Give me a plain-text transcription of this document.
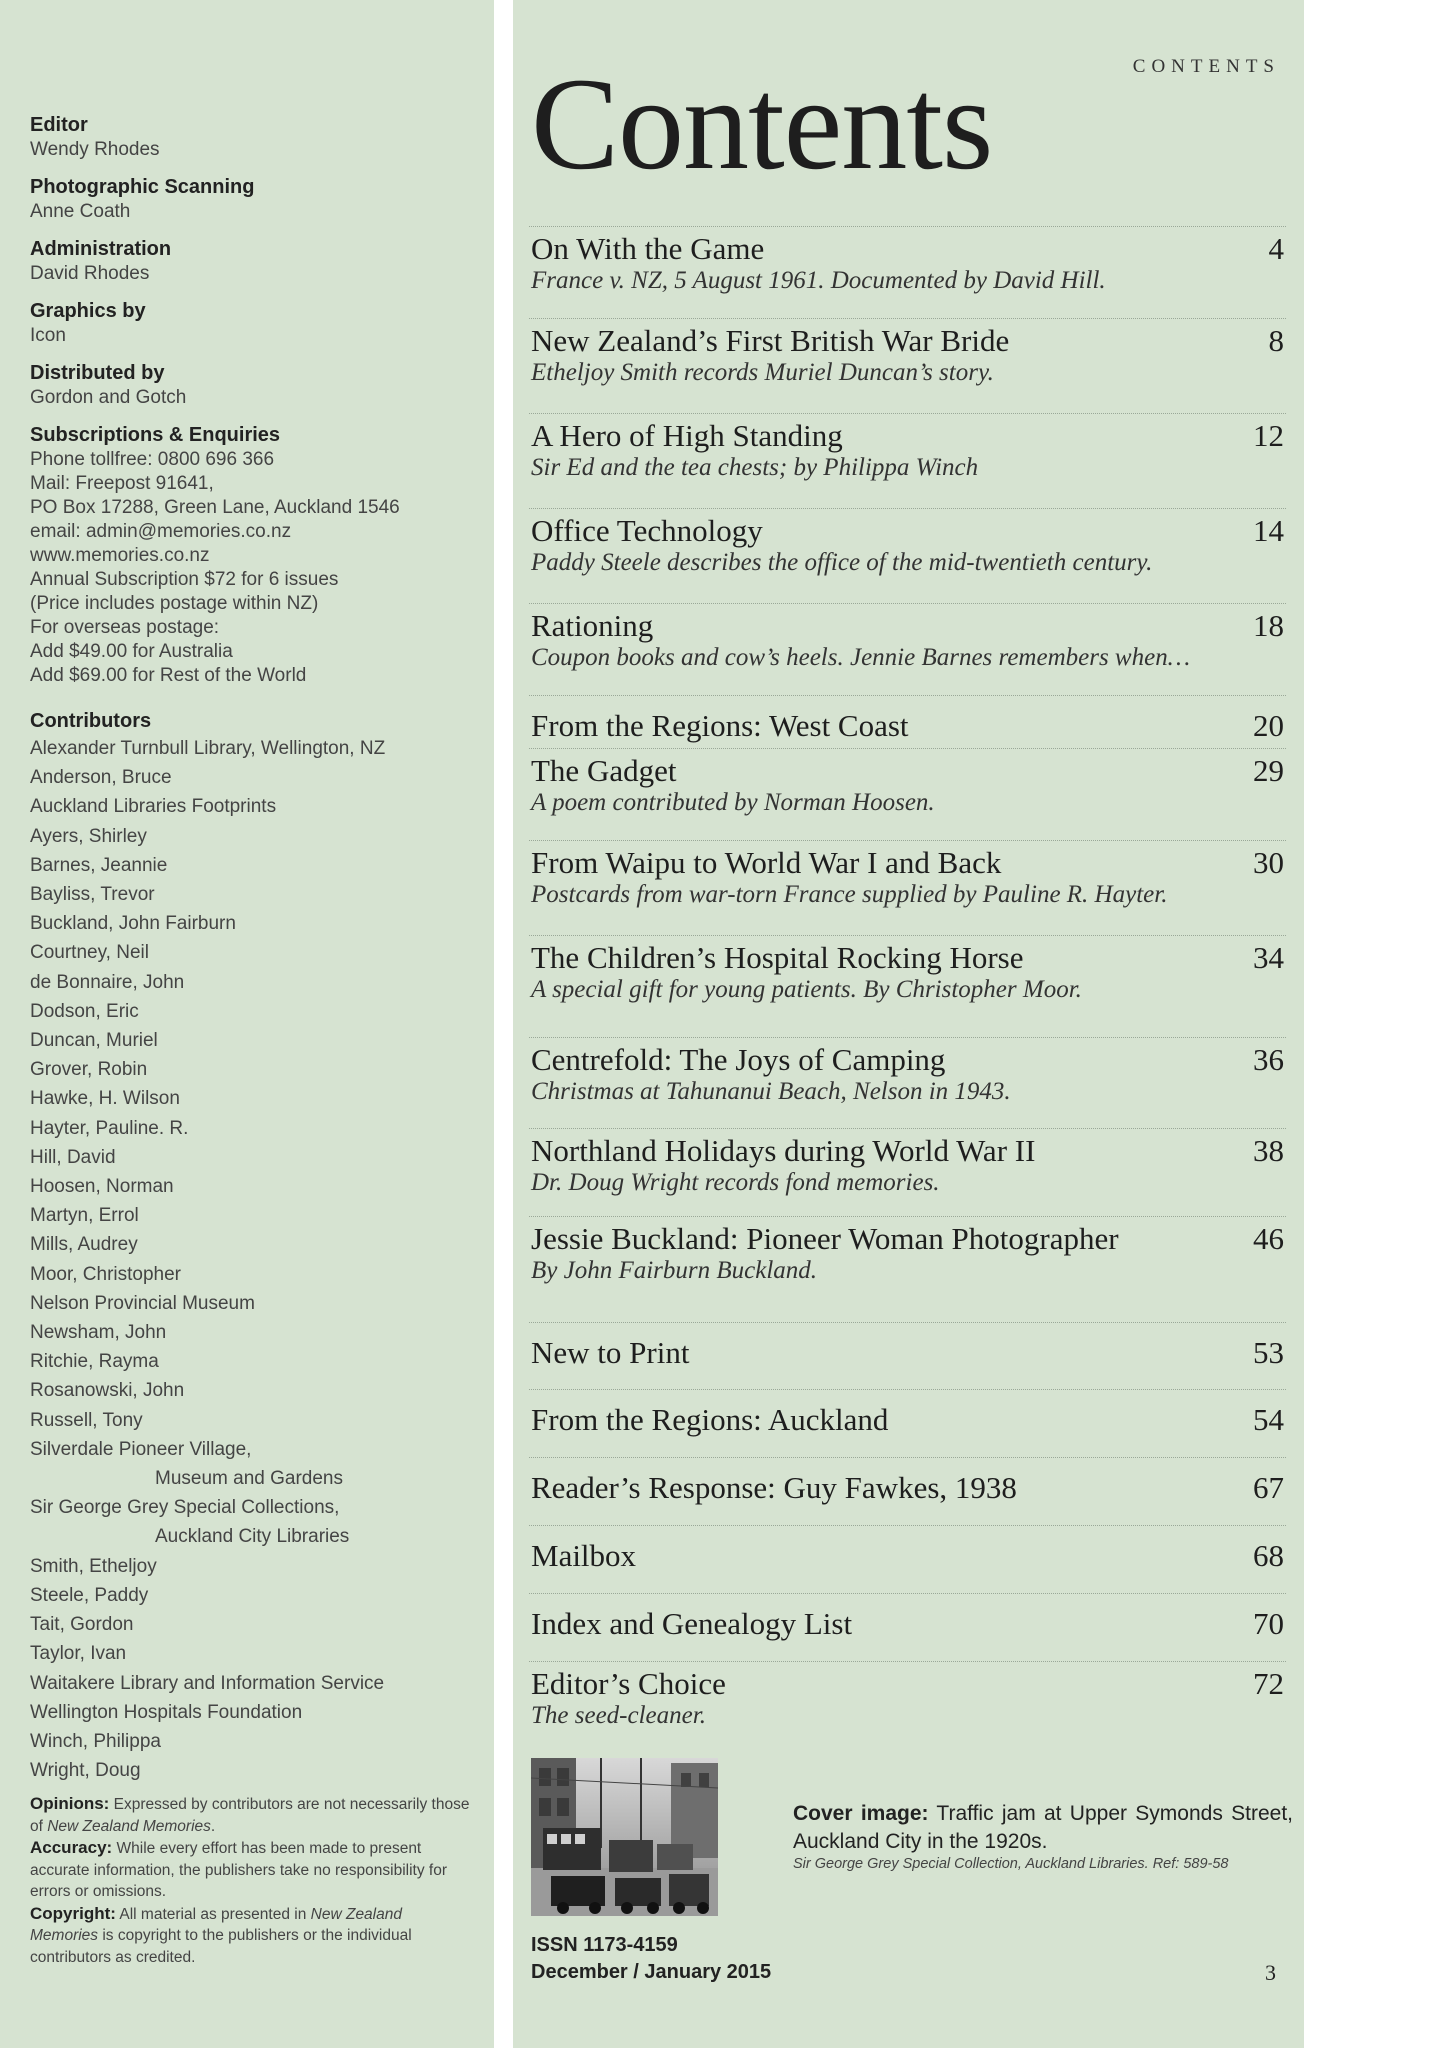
Editor
Wendy Rhodes
Photographic Scanning
Anne Coath
Administration
David Rhodes
Graphics by
Icon
Distributed by
Gordon and Gotch
Subscriptions & Enquiries
Phone tollfree: 0800 696 366
Mail: Freepost 91641,
PO Box 17288, Green Lane, Auckland 1546
email: admin@memories.co.nz
www.memories.co.nz
Annual Subscription $72 for 6 issues
(Price includes postage within NZ)
For overseas postage:
Add $49.00 for Australia
Add $69.00 for Rest of the World
Contributors
Alexander Turnbull Library, Wellington, NZ
Anderson, Bruce
Auckland Libraries Footprints
Ayers, Shirley
Barnes, Jeannie
Bayliss, Trevor
Buckland, John Fairburn
Courtney, Neil
de Bonnaire, John
Dodson, Eric
Duncan, Muriel
Grover, Robin
Hawke, H. Wilson
Hayter, Pauline. R.
Hill, David
Hoosen, Norman
Martyn, Errol
Mills, Audrey
Moor, Christopher
Nelson Provincial Museum
Newsham, John
Ritchie, Rayma
Rosanowski, John
Russell, Tony
Silverdale Pioneer Village,
Museum and Gardens
Sir George Grey Special Collections,
Auckland City Libraries
Smith, Etheljoy
Steele, Paddy
Tait, Gordon
Taylor, Ivan
Waitakere Library and Information Service
Wellington Hospitals Foundation
Winch, Philippa
Wright, Doug
Opinions: Expressed by contributors are not necessarily those of New Zealand Memories.
Accuracy: While every effort has been made to present accurate information, the publishers take no responsibility for errors or omissions.
Copyright: All material as presented in New Zealand Memories is copyright to the publishers or the individual contributors as credited.
CONTENTS
Contents
On With the Game	4
France v. NZ, 5 August 1961. Documented by David Hill.
New Zealand’s First British War Bride	8
Etheljoy Smith records Muriel Duncan’s story.
A Hero of High Standing	12
Sir Ed and the tea chests; by Philippa Winch
Office Technology	14
Paddy Steele describes the office of the mid-twentieth century.
Rationing	18
Coupon books and cow’s heels. Jennie Barnes remembers when…
From the Regions: West Coast	20
The Gadget	29
A poem contributed by Norman Hoosen.
From Waipu to World War I and Back	30
Postcards from war-torn France supplied by Pauline R. Hayter.
The Children’s Hospital Rocking Horse	34
A special gift for young patients. By Christopher Moor.
Centrefold: The Joys of Camping	36
Christmas at Tahunanui Beach, Nelson in 1943.
Northland Holidays during World War II	38
Dr. Doug Wright records fond memories.
Jessie Buckland: Pioneer Woman Photographer	46
By John Fairburn Buckland.
New to Print	53
From the Regions: Auckland	54
Reader’s Response: Guy Fawkes, 1938	67
Mailbox	68
Index and Genealogy List	70
Editor’s Choice	72
The seed-cleaner.
Cover image: Traffic jam at Upper Symonds Street, Auckland City in the 1920s.
Sir George Grey Special Collection, Auckland Libraries. Ref: 589-58
ISSN 1173-4159
December / January 2015	3
